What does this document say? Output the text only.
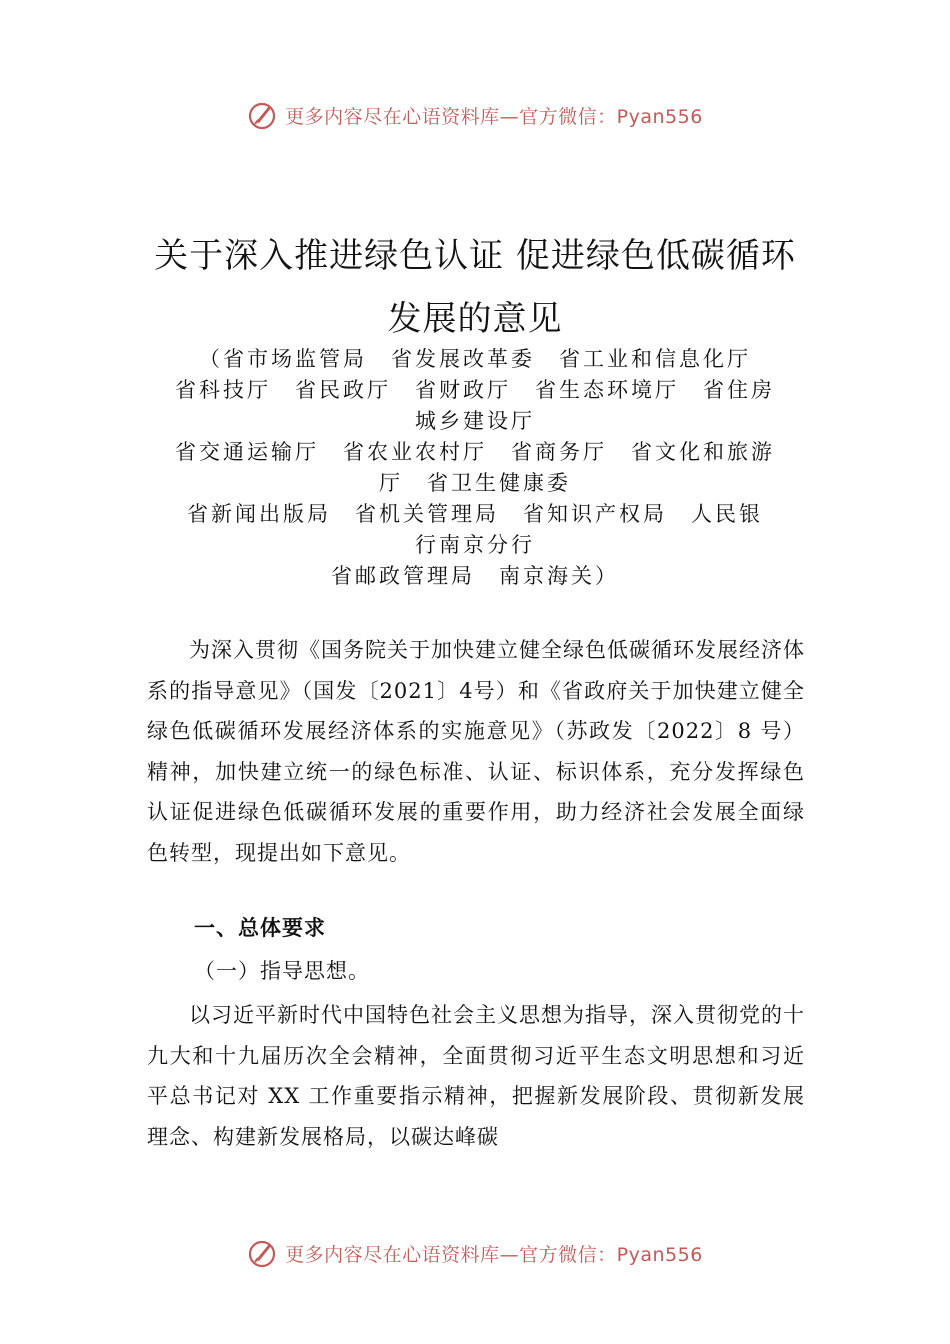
更多内容尽在心语资料库—官方微信：Pyan556
关于深入推进绿色认证 促进绿色低碳循环
发展的意见
（省市场监管局　省发展改革委　省工业和信息化厅
省科技厅　省民政厅　省财政厅　省生态环境厅　省住房
城乡建设厅
省交通运输厅　省农业农村厅　省商务厅　省文化和旅游
厅　省卫生健康委
省新闻出版局　省机关管理局　省知识产权局　人民银
行南京分行
省邮政管理局　南京海关）

为深入贯彻《国务院关于加快建立健全绿色低碳循环发展经济体系的指导意见》（国发〔2021〕4号）和《省政府关于加快建立健全绿色低碳循环发展经济体系的实施意见》（苏政发〔2022〕8 号）精神，加快建立统一的绿色标准、认证、标识体系，充分发挥绿色认证促进绿色低碳循环发展的重要作用，助力经济社会发展全面绿色转型，现提出如下意见。

一、总体要求
（一）指导思想。

以习近平新时代中国特色社会主义思想为指导，深入贯彻党的十九大和十九届历次全会精神，全面贯彻习近平生态文明思想和习近平总书记对 XX 工作重要指示精神，把握新发展阶段、贯彻新发展理念、构建新发展格局，以碳达峰碳

更多内容尽在心语资料库—官方微信：Pyan556
